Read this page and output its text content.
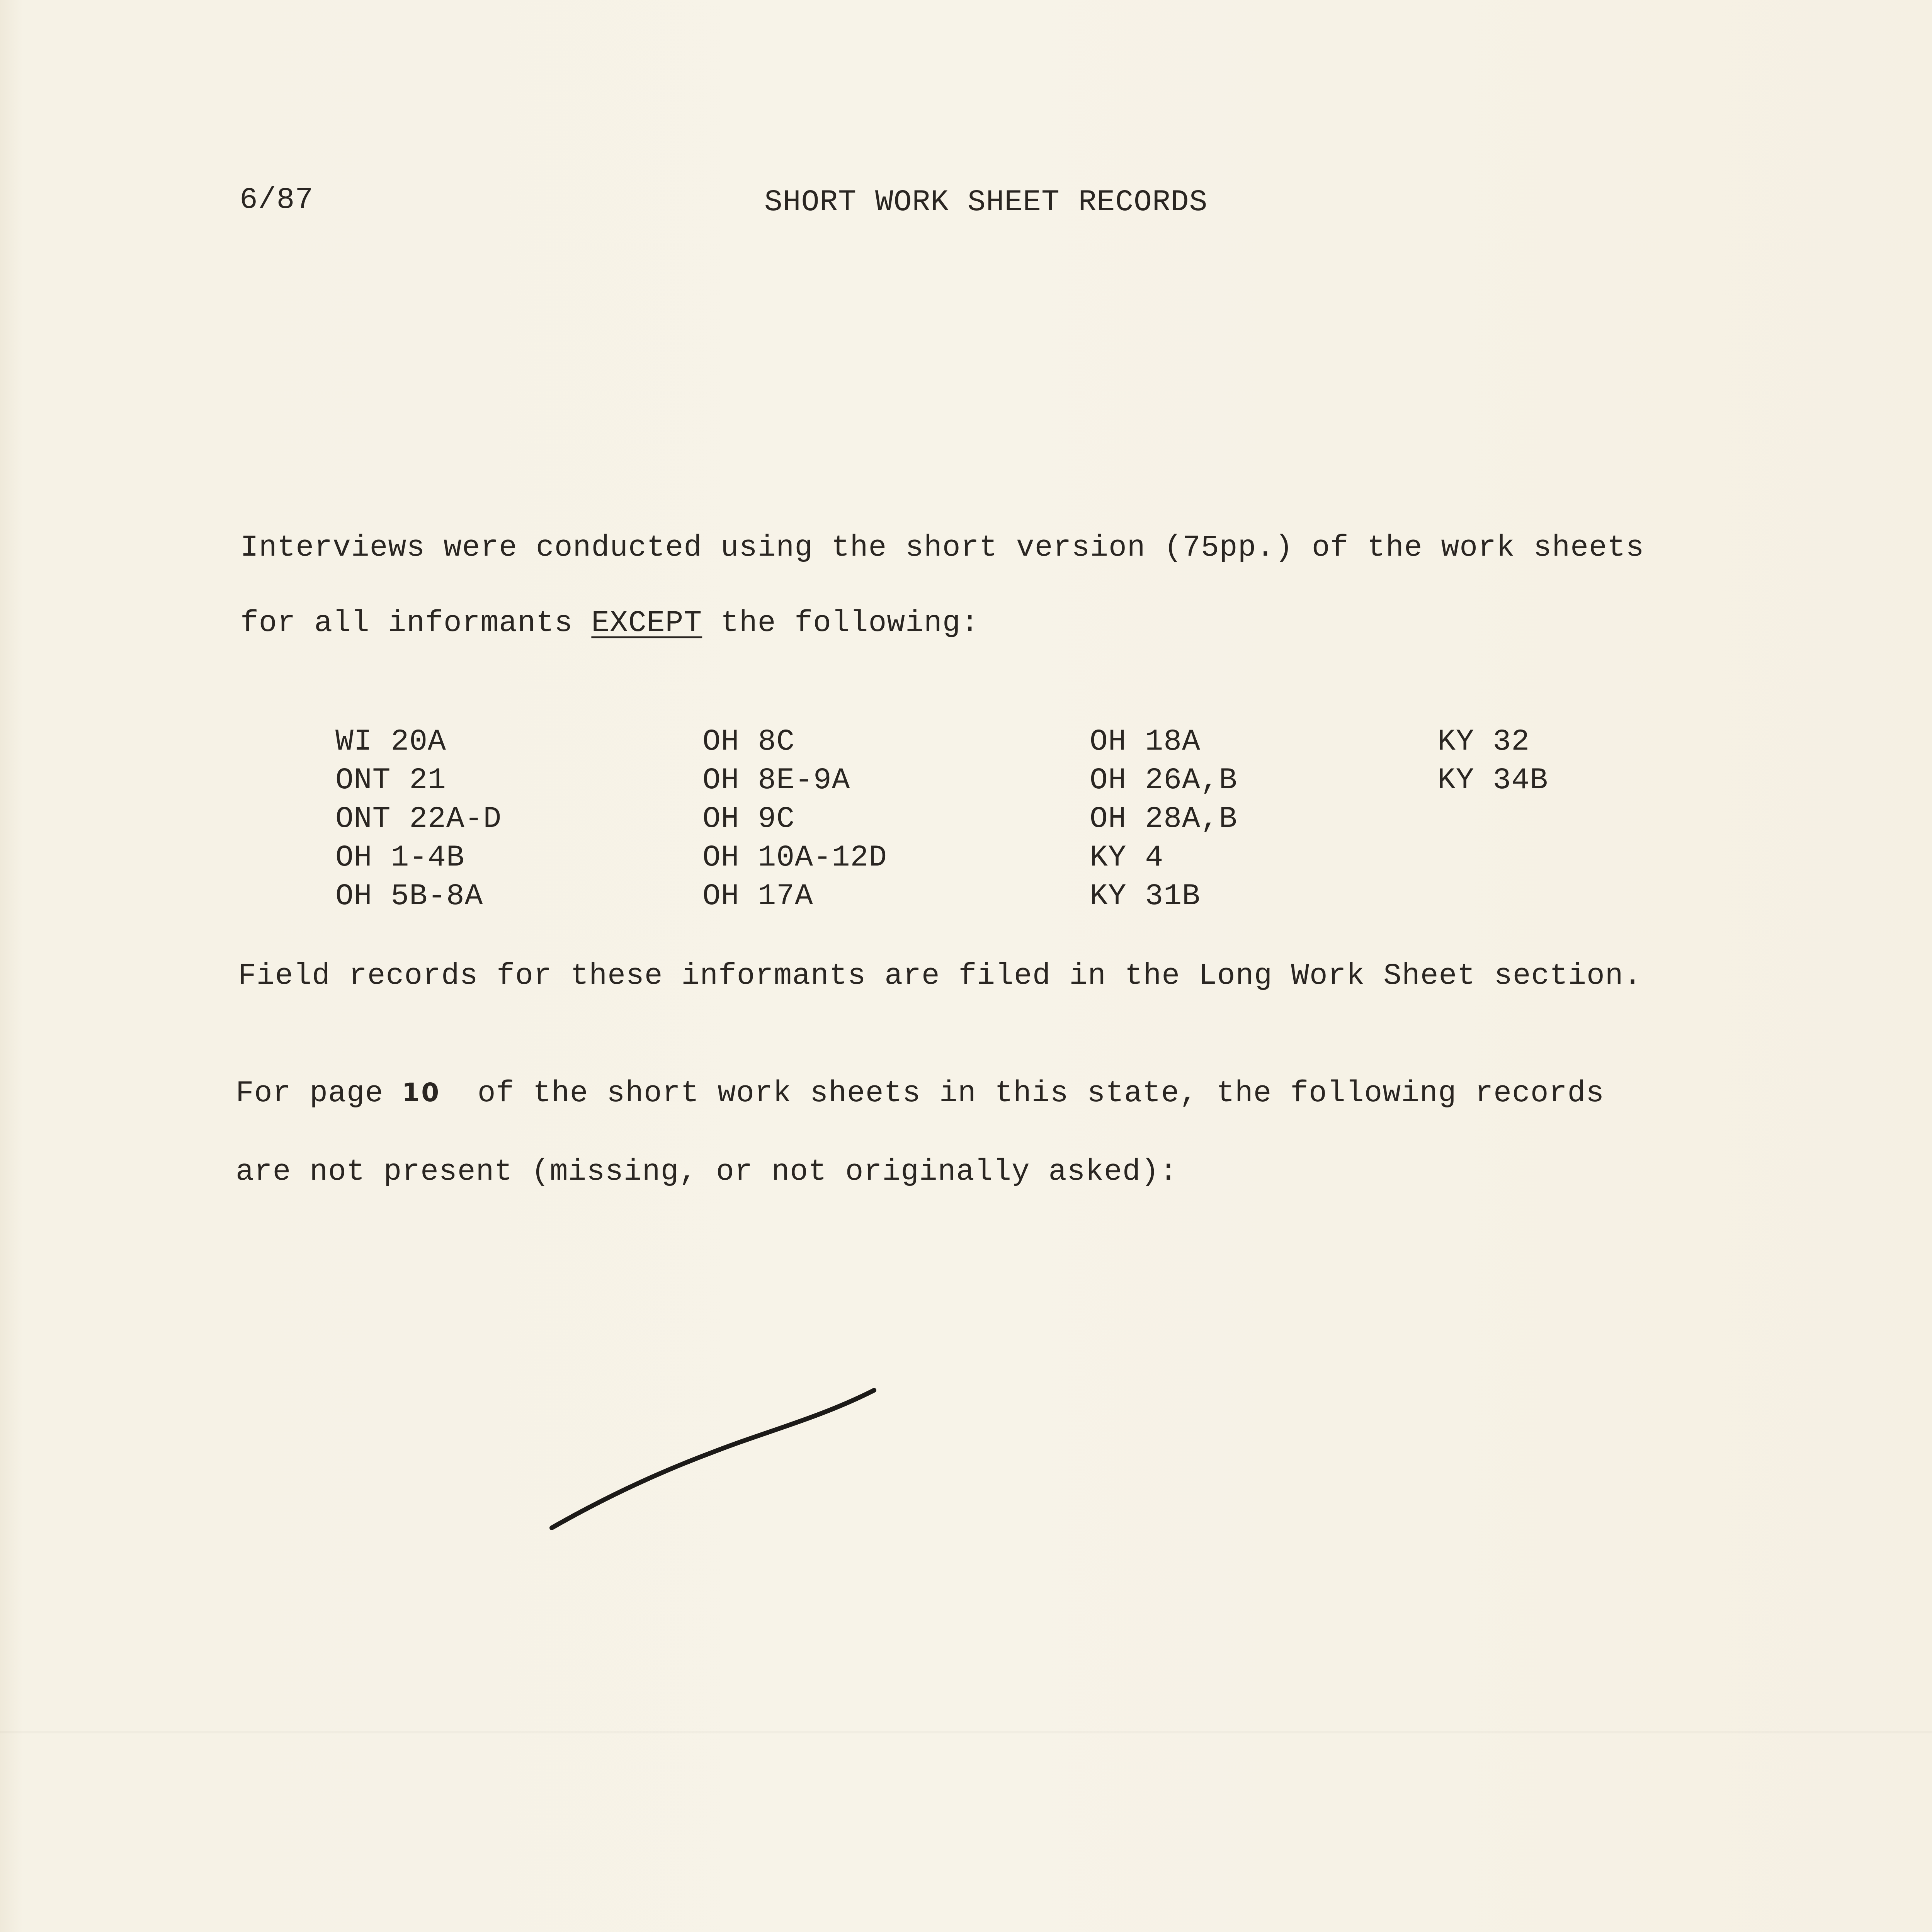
6/87	SHORT WORK SHEET RECORDS
Interviews were conducted using the short version (75pp.) of the work sheets
for all informants EXCEPT the following:
WI 20A
ONT 21
ONT 22A-D
OH 1-4B
OH 5B-8A
OH 8C
OH 8E-9A
OH 9C
OH 10A-12D
OH 17A
OH 18A
OH 26A,B
OH 28A,B
KY 4
KY 31B
KY 32
KY 34B
Field records for these informants are filed in the Long Work Sheet section.
For page 10  of the short work sheets in this state, the following records
are not present (missing, or not originally asked):
